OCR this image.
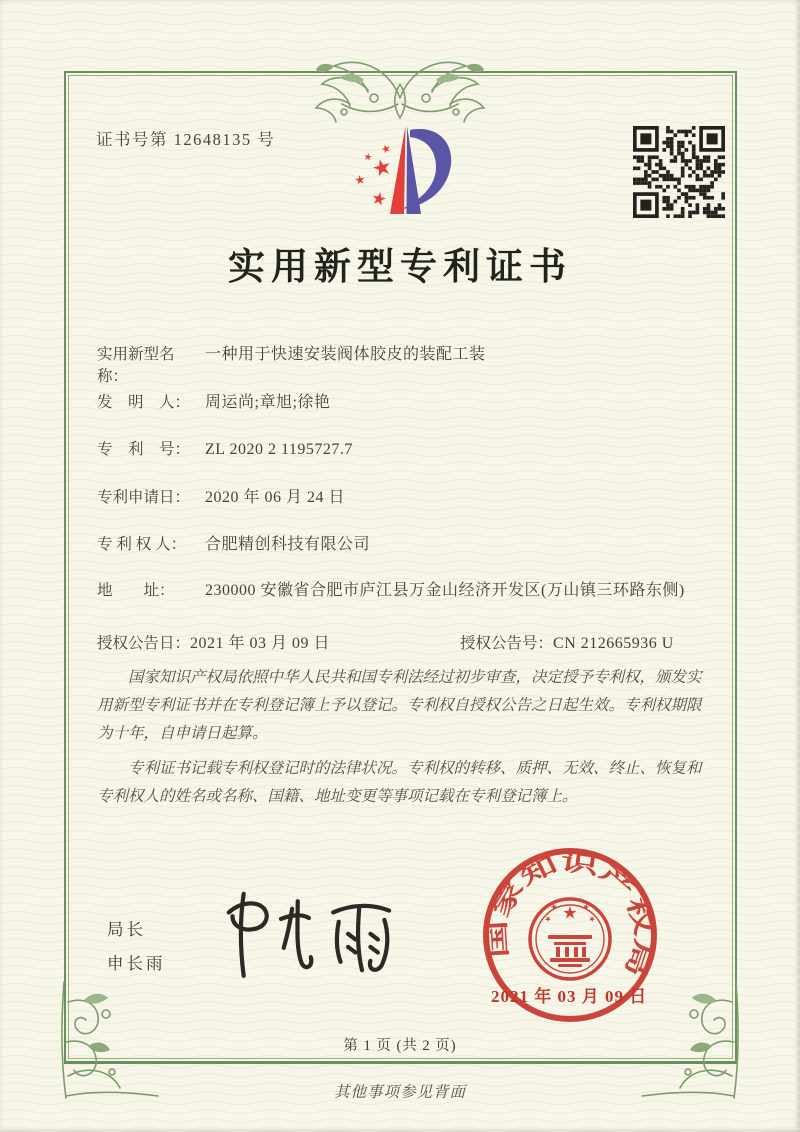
证书号第 12648135 号
实用新型专利证书
实用新型名称：一种用于快速安装阀体胶皮的装配工装
发　明　人： 周运尚;章旭;徐艳
专　利　号： ZL 2020 2 1195727.7
专利申请日： 2020 年 06 月 24 日
专 利 权 人： 合肥精创科技有限公司
地　　址： 230000 安徽省合肥市庐江县万金山经济开发区(万山镇三环路东侧)
授权公告日：2021 年 03 月 09 日	授权公告号：CN 212665936 U

国家知识产权局依照中华人民共和国专利法经过初步审查，决定授予专利权，颁发实用新型专利证书并在专利登记簿上予以登记。专利权自授权公告之日起生效。专利权期限为十年，自申请日起算。

专利证书记载专利权登记时的法律状况。专利权的转移、质押、无效、终止、恢复和专利权人的姓名或名称、国籍、地址变更等事项记载在专利登记簿上。

局长
申长雨
国家知识产权局
2021 年 03 月 09 日
第 1 页 (共 2 页)
其他事项参见背面
